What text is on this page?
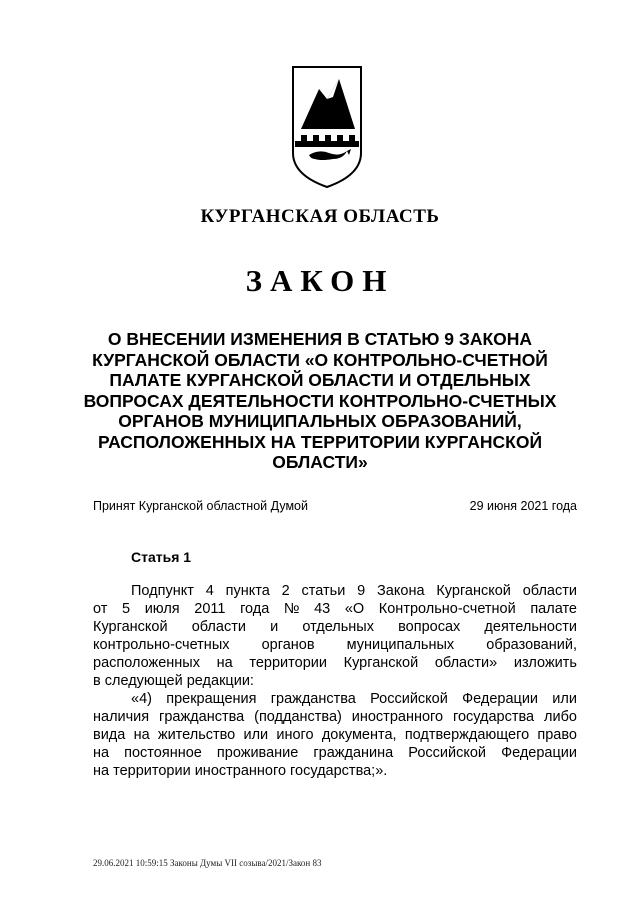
КУРГАНСКАЯ ОБЛАСТЬ
ЗАКОН
О ВНЕСЕНИИ ИЗМЕНЕНИЯ В СТАТЬЮ 9 ЗАКОНА
КУРГАНСКОЙ ОБЛАСТИ «О КОНТРОЛЬНО-СЧЕТНОЙ
ПАЛАТЕ КУРГАНСКОЙ ОБЛАСТИ И ОТДЕЛЬНЫХ
ВОПРОСАХ ДЕЯТЕЛЬНОСТИ КОНТРОЛЬНО-СЧЕТНЫХ
ОРГАНОВ МУНИЦИПАЛЬНЫХ ОБРАЗОВАНИЙ,
РАСПОЛОЖЕННЫХ НА ТЕРРИТОРИИ КУРГАНСКОЙ
ОБЛАСТИ»
Принят Курганской областной Думой	29 июня 2021 года
Статья 1
Подпункт 4 пункта 2 статьи 9 Закона Курганской области
от 5 июля 2011 года № 43 «О Контрольно-счетной палате
Курганской области и отдельных вопросах деятельности
контрольно-счетных органов муниципальных образований,
расположенных на территории Курганской области» изложить
в следующей редакции:
«4) прекращения гражданства Российской Федерации или
наличия гражданства (подданства) иностранного государства либо
вида на жительство или иного документа, подтверждающего право
на постоянное проживание гражданина Российской Федерации
на территории иностранного государства;».
29.06.2021 10:59:15 Законы Думы VII созыва/2021/Закон 83
